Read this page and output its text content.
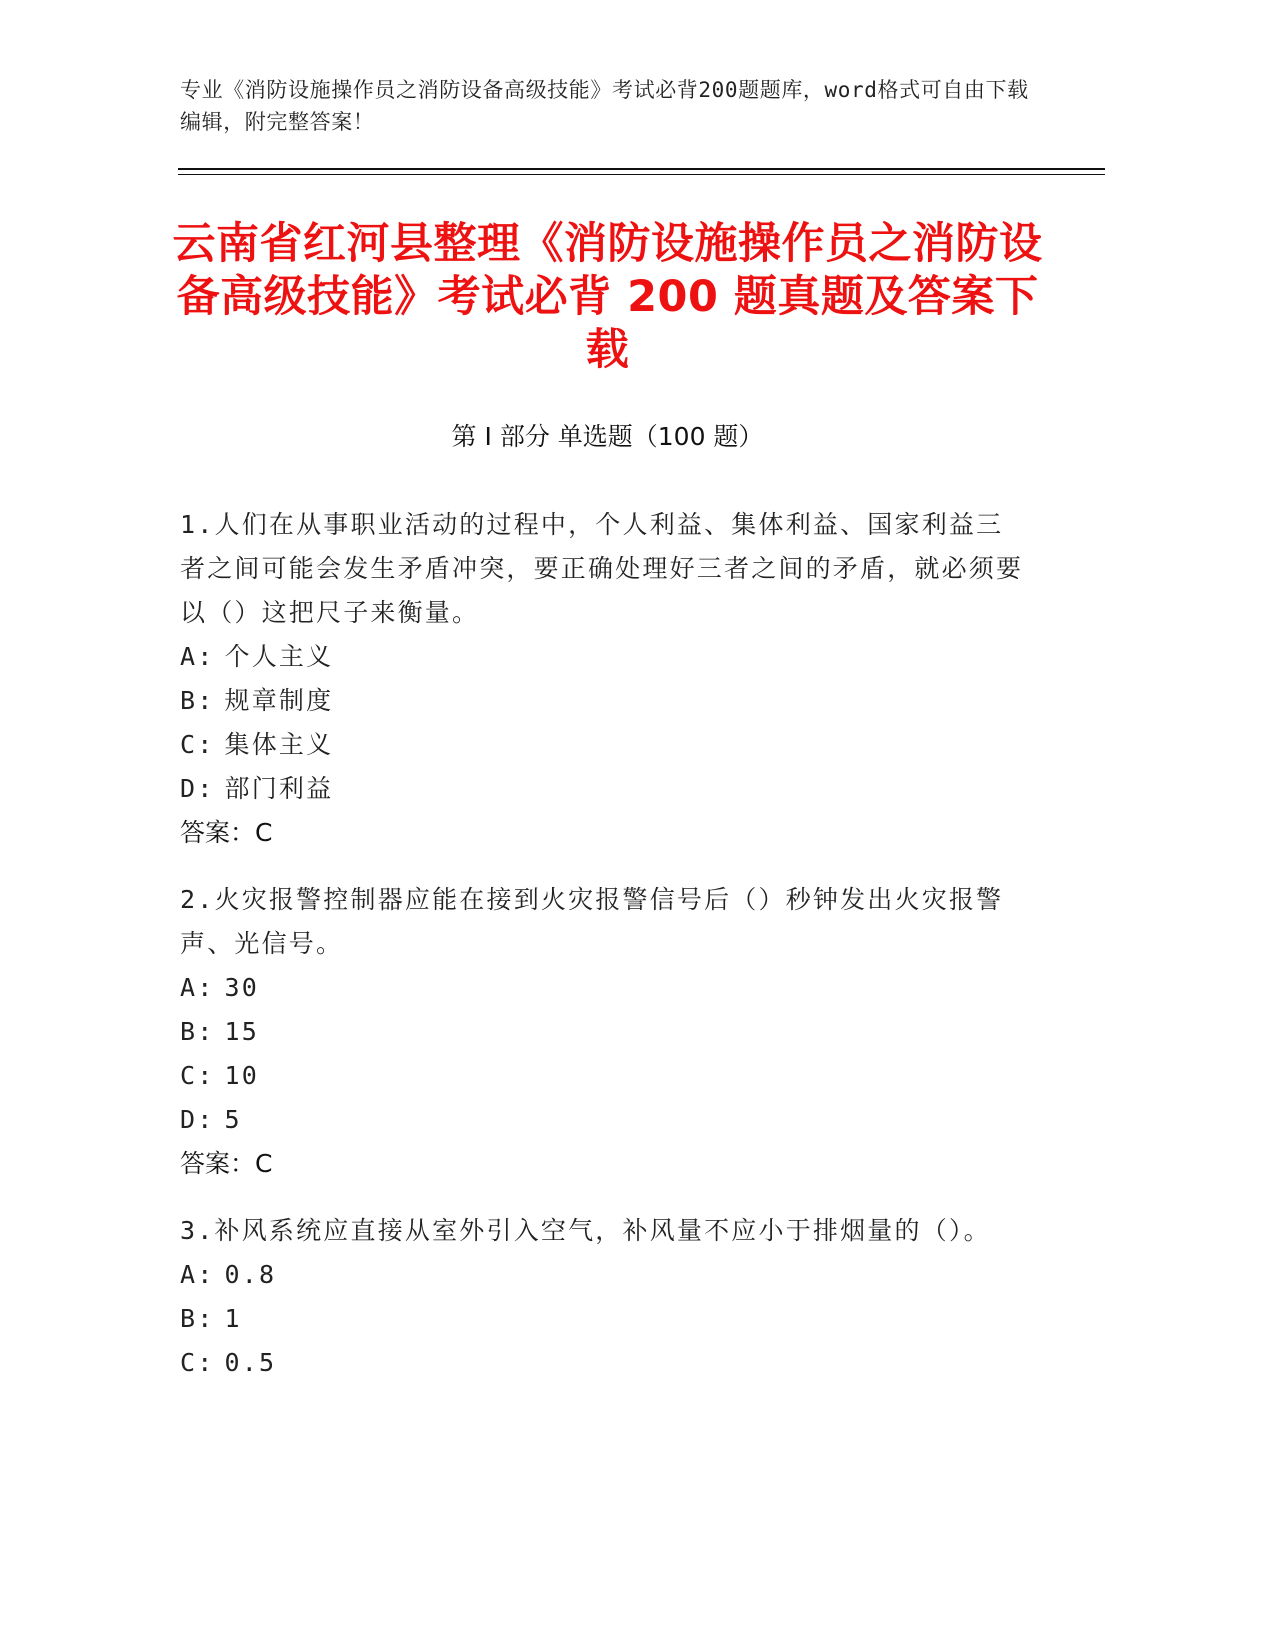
专业《消防设施操作员之消防设备高级技能》考试必背200题题库，word格式可自由下载编辑，附完整答案！
云南省红河县整理《消防设施操作员之消防设备高级技能》考试必背 200 题真题及答案下载
第 I 部分 单选题（100 题）
1.人们在从事职业活动的过程中，个人利益、集体利益、国家利益三者之间可能会发生矛盾冲突，要正确处理好三者之间的矛盾，就必须要以（）这把尺子来衡量。
A: 个人主义
B: 规章制度
C: 集体主义
D: 部门利益
答案：C
2.火灾报警控制器应能在接到火灾报警信号后（）秒钟发出火灾报警声、光信号。
A: 30
B: 15
C: 10
D: 5
答案：C
3.补风系统应直接从室外引入空气，补风量不应小于排烟量的（）。
A: 0.8
B: 1
C: 0.5
